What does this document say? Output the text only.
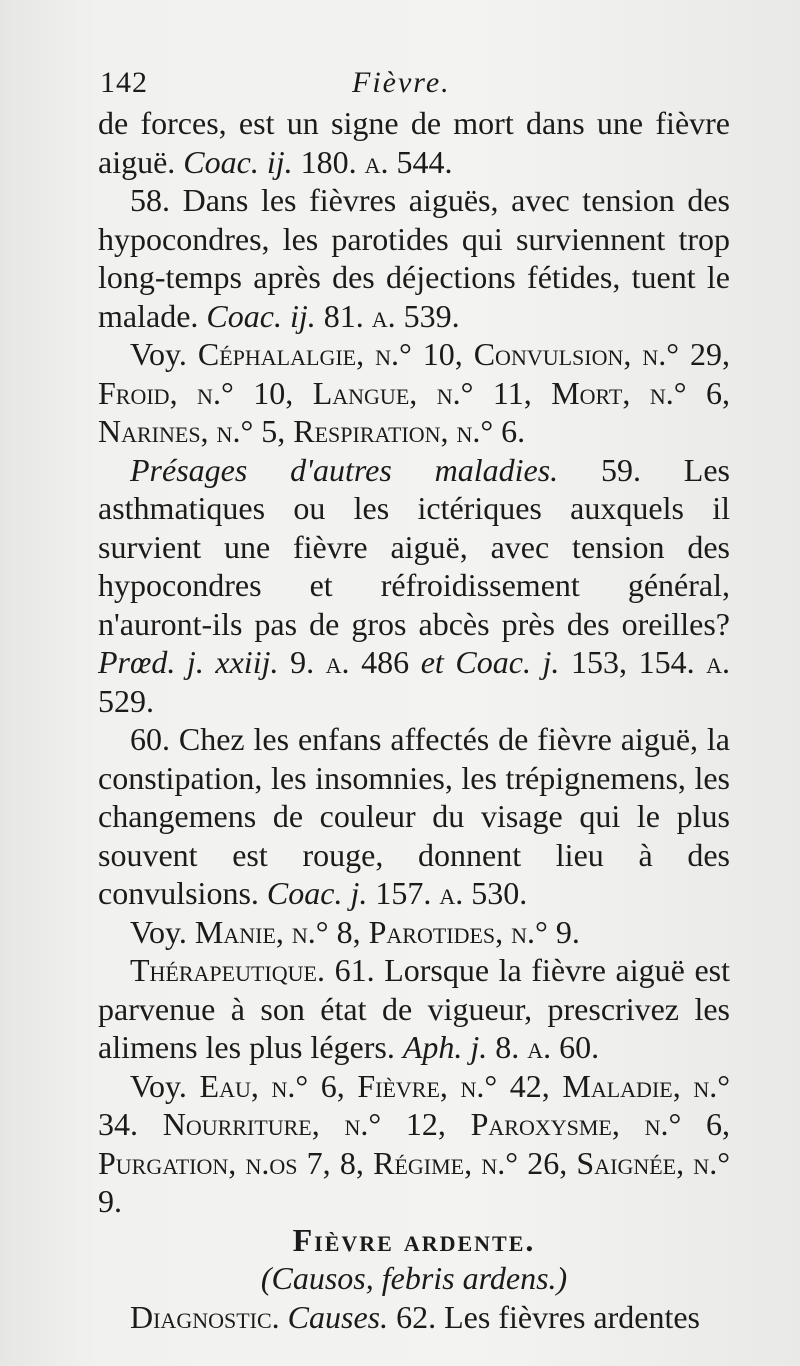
142	Fièvre.

de forces, est un signe de mort dans une fièvre aiguë. Coac. ij. 180. a. 544.

58. Dans les fièvres aiguës, avec tension des hypocondres, les parotides qui surviennent trop long-temps après des déjections fétides, tuent le malade. Coac. ij. 81. a. 539.

Voy. Céphalalgie, n.° 10, Convulsion, n.° 29, Froid, n.° 10, Langue, n.° 11, Mort, n.° 6, Narines, n.° 5, Respiration, n.° 6.

Présages d'autres maladies. 59. Les asthmatiques ou les ictériques auxquels il survient une fièvre aiguë, avec tension des hypocondres et réfroidissement général, n'auront-ils pas de gros abcès près des oreilles? Prœd. j. xxiij. 9. a. 486 et Coac. j. 153, 154. a. 529.

60. Chez les enfans affectés de fièvre aiguë, la constipation, les insomnies, les trépignemens, les changemens de couleur du visage qui le plus souvent est rouge, donnent lieu à des convulsions. Coac. j. 157. a. 530.

Voy. Manie, n.° 8, Parotides, n.° 9.

Thérapeutique. 61. Lorsque la fièvre aiguë est parvenue à son état de vigueur, prescrivez les alimens les plus légers. Aph. j. 8. a. 60.

Voy. Eau, n.° 6, Fièvre, n.° 42, Maladie, n.° 34. Nourriture, n.° 12, Paroxysme, n.° 6, Purgation, n.os 7, 8, Régime, n.° 26, Saignée, n.° 9.

Fièvre ardente.

(Causos, febris ardens.)

Diagnostic. Causes. 62. Les fièvres ardentes
